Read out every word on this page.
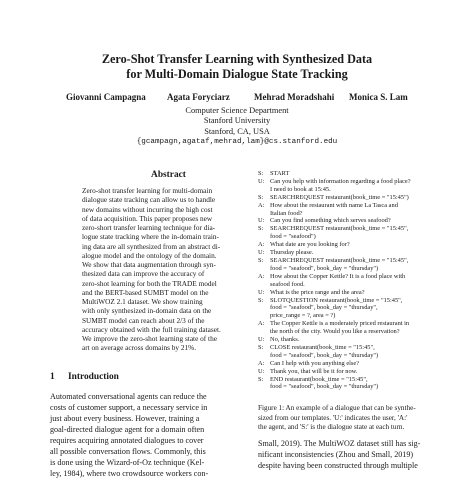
Zero-Shot Transfer Learning with Synthesized Data
for Multi-Domain Dialogue State Tracking
Giovanni Campagna Agata Foryciarz	Mehrad Moradshahi Monica S. Lam
Computer Science Department
Stanford University
Stanford, CA, USA
{gcampagn,agataf,mehrad,lam}@cs.stanford.edu
Abstract
Zero-shot transfer learning for multi-domain
dialogue state tracking can allow us to handle
new domains without incurring the high cost
of data acquisition. This paper proposes new
zero-short transfer learning technique for dia-
logue state tracking where the in-domain train-
ing data are all synthesized from an abstract di-
alogue model and the ontology of the domain.
We show that data augmentation through syn-
thesized data can improve the accuracy of
zero-shot learning for both the TRADE model
and the BERT-based SUMBT model on the
MultiWOZ 2.1 dataset. We show training
with only synthesized in-domain data on the
SUMBT model can reach about 2/3 of the
accuracy obtained with the full training dataset.
We improve the zero-shot learning state of the
art on average across domains by 21%.
1 Introduction
Automated conversational agents can reduce the
costs of customer support, a necessary service in
just about every business. However, training a
goal-directed dialogue agent for a domain often
requires acquiring annotated dialogues to cover
all possible conversation flows. Commonly, this
is done using the Wizard-of-Oz technique (Kel-
ley, 1984), where two crowdsource workers con-
S:	START
U: Can you help with information regarding a food place?
I need to book at 15:45.
S:	SEARCHREQUEST restaurant(book_time = "15:45")
A: How about the restaurant with name La Tasca and
Italian food?
U: Can you find something which serves seafood?
S:	SEARCHREQUEST restaurant(book_time = "15:45",
food = "seafood")
A: What date are you looking for?
U: Thursday please.
S:	SEARCHREQUEST restaurant(book_time = "15:45",
food = "seafood", book_day = "thursday")
A: How about the Copper Kettle? It is a food place with
seafood food.
U: What is the price range and the area?
S:	SLOTQUESTION restaurant(book_time = "15:45",
food = "seafood", book_day = "thursday",
price_range = ?, area = ?)
A: The Copper Kettle is a moderately priced restaurant in
the north of the city. Would you like a reservation?
U: No, thanks.
S:	CLOSE restaurant(book_time = "15:45",
food = "seafood", book_day = "thursday")
A: Can I help with you anything else?
U: Thank you, that will be it for now.
S:	END restaurant(book_time = "15:45",
food = "seafood", book_day = "thursday")
Figure 1: An example of a dialogue that can be synthe-
sized from our templates. 'U:' indicates the user, 'A:'
the agent, and 'S:' is the dialogue state at each turn.
Small, 2019). The MultiWOZ dataset still has sig-
nificant inconsistencies (Zhou and Small, 2019)
despite having been constructed through multiple
